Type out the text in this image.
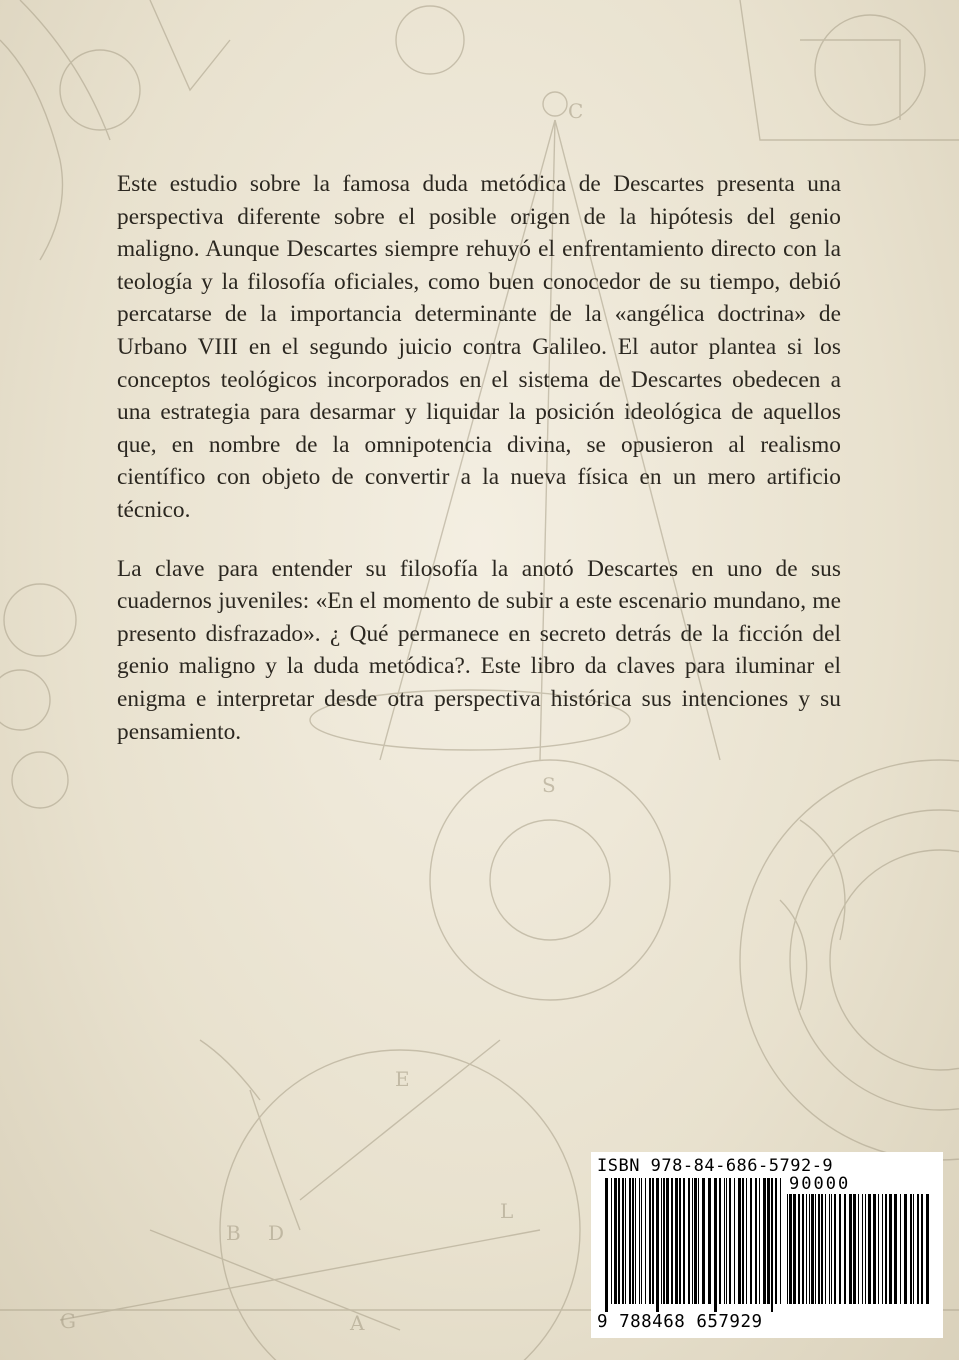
C
S
E
B D
G	A
L

Este estudio sobre la famosa duda metódica de Descartes presenta una perspectiva diferente sobre el posible origen de la hipótesis del genio maligno. Aunque Descartes siempre rehuyó el enfrentamiento directo con la teología y la filosofía oficiales, como buen conocedor de su tiempo, debió percatarse de la importancia determinante de la «angélica doctrina» de Urbano VIII en el segundo juicio contra Galileo. El autor plantea si los conceptos teológicos incorporados en el sistema de Descartes obedecen a una estrategia para desarmar y liquidar la posición ideológica de aquellos que, en nombre de la omnipotencia divina, se opusieron al realismo científico con objeto de convertir a la nueva física en un mero artificio técnico.

La clave para entender su filosofía la anotó Descartes en uno de sus cuadernos juveniles: «En el momento de subir a este escenario mundano, me presento disfrazado». ¿ Qué permanece en secreto detrás de la ficción del genio maligno y la duda metódica?. Este libro da claves para iluminar el enigma e interpretar desde otra perspectiva histórica sus intenciones y su pensamiento.

ISBN 978-84-686-5792-9
90000
9 788468 657929
